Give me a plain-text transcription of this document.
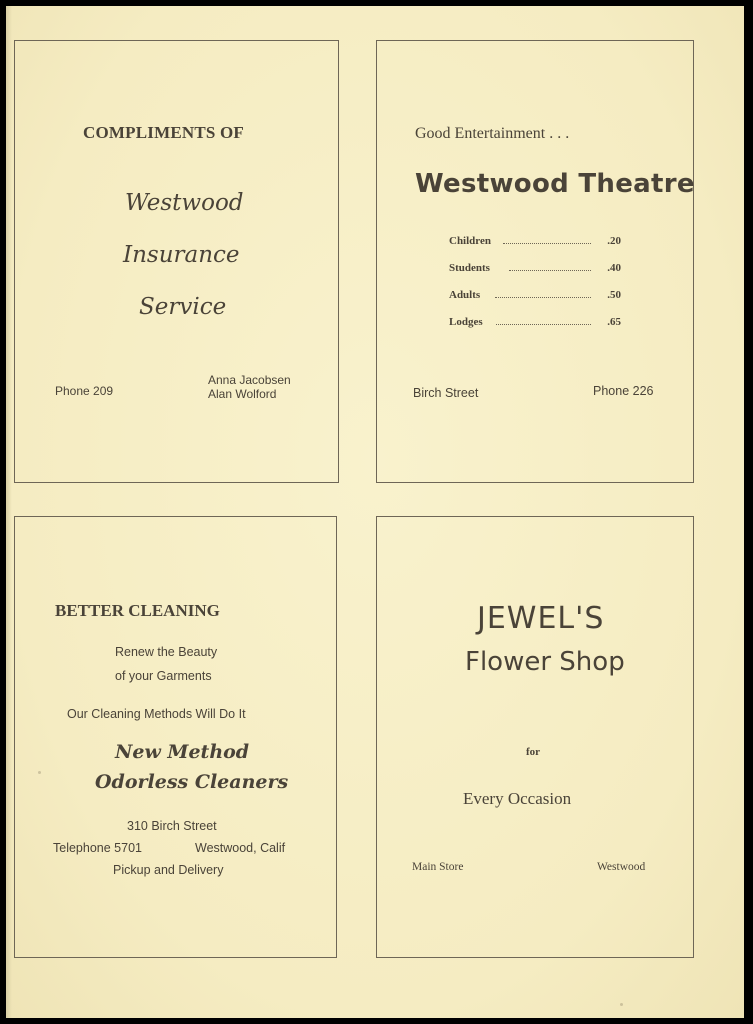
COMPLIMENTS OF
Westwood
Insurance
Service
Phone 209
Anna Jacobsen
Alan Wolford
Good Entertainment . . .
Westwood Theatre
Children	.20
Students	.40
Adults	.50
Lodges	.65
Birch Street	Phone 226
BETTER CLEANING
Renew the Beauty
of your Garments
Our Cleaning Methods Will Do It
New Method
Odorless Cleaners
310 Birch Street
Telephone 5701	Westwood, Calif
Pickup and Delivery
JEWEL'S
Flower Shop
for
Every Occasion
Main Store	Westwood
